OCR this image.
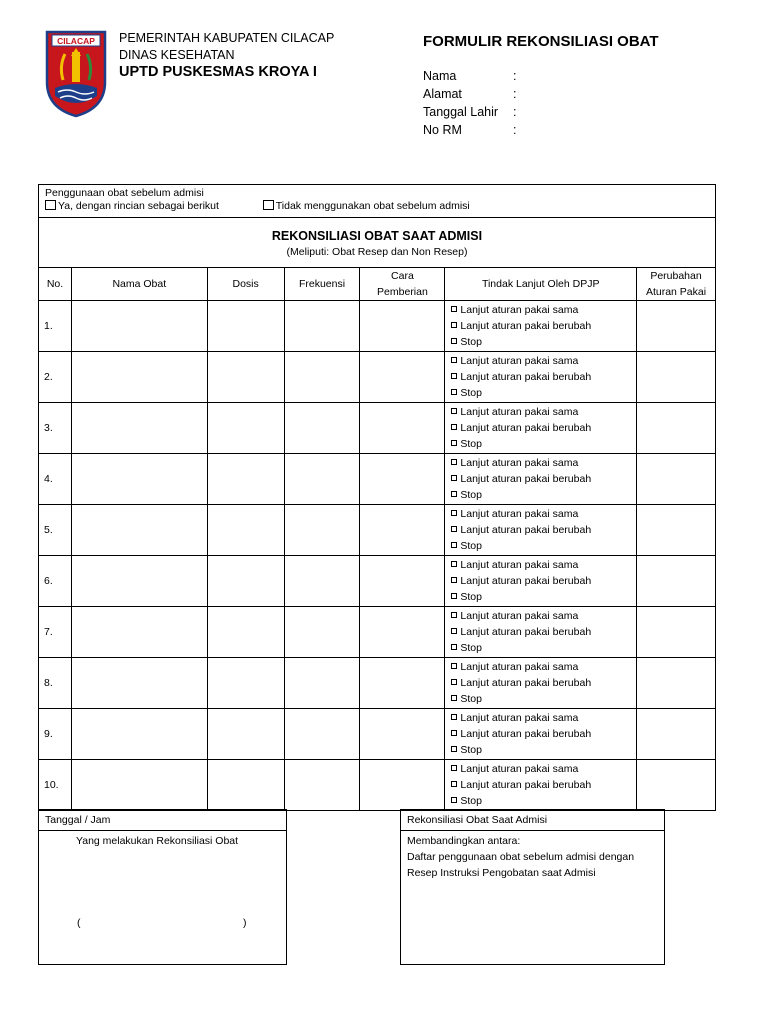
CILACAP PEMERINTAH KABUPATEN CILACAP
DINAS KESEHATAN
UPTD PUSKESMAS KROYA I
FORMULIR REKONSILIASI OBAT
Nama	:
Alamat	:
Tanggal Lahir :
No RM	:
Penggunaan obat sebelum admisi
Ya, dengan rincian sebagai berikut Tidak menggunakan obat sebelum admisi						

REKONSILIASI OBAT SAAT ADMISI
(Meliputi: Obat Resep dan Non Resep)						

No.	Nama Obat	Dosis	Frekuensi	Cara
Pemberian	Tindak Lanjut Oleh DPJP	Perubahan
Aturan Pakai
1.					Lanjut aturan pakai sama
Lanjut aturan pakai berubah
Stop	

2.					Lanjut aturan pakai sama
Lanjut aturan pakai berubah
Stop	

3.					Lanjut aturan pakai sama
Lanjut aturan pakai berubah
Stop	

4.					Lanjut aturan pakai sama
Lanjut aturan pakai berubah
Stop	

5.					Lanjut aturan pakai sama
Lanjut aturan pakai berubah
Stop	

6.					Lanjut aturan pakai sama
Lanjut aturan pakai berubah
Stop	

7.					Lanjut aturan pakai sama
Lanjut aturan pakai berubah
Stop	

8.					Lanjut aturan pakai sama
Lanjut aturan pakai berubah
Stop	

9.					Lanjut aturan pakai sama
Lanjut aturan pakai berubah
Stop	

10.					Lanjut aturan pakai sama
Lanjut aturan pakai berubah
Stop	

Tanggal / Jam
Yang melakukan Rekonsiliasi Obat
(	)
Rekonsiliasi Obat Saat Admisi
Membandingkan antara:
Daftar penggunaan obat sebelum admisi dengan
Resep Instruksi Pengobatan saat Admisi
